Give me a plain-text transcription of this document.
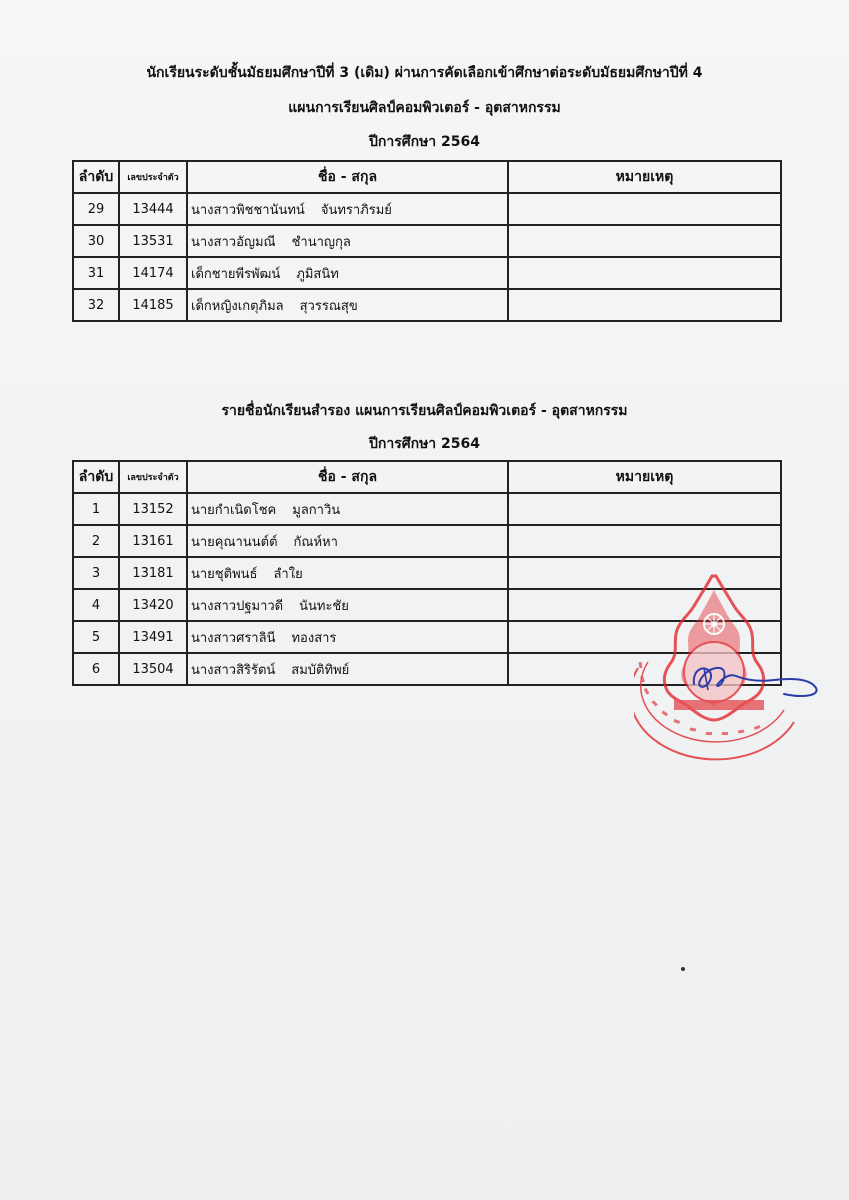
นักเรียนระดับชั้นมัธยมศึกษาปีที่ 3 (เดิม) ผ่านการคัดเลือกเข้าศึกษาต่อระดับมัธยมศึกษาปีที่ 4
แผนการเรียนศิลป์คอมพิวเตอร์ - อุตสาหกรรม
ปีการศึกษา 2564
ลำดับ	เลขประจำตัว	ชื่อ - สกุล	หมายเหตุ
29	13444	นางสาวพิชชานันทน์ จันทราภิรมย์	
30	13531	นางสาวอัญมณี ชำนาญกุล	
31	14174	เด็กชายพีรพัฒน์ ภูมิสนิท	
32	14185	เด็กหญิงเกตุภิมล สุวรรณสุข	
รายชื่อนักเรียนสำรอง แผนการเรียนศิลป์คอมพิวเตอร์ - อุตสาหกรรม
ปีการศึกษา 2564
ลำดับ	เลขประจำตัว	ชื่อ - สกุล	หมายเหตุ
1	13152	นายกำเนิดโชค มูลกาวิน	
2	13161	นายคุณานนต์ต์ กัณห์หา	
3	13181	นายชุติพนธ์ ลำใย	
4	13420	นางสาวปฐมาวดี นันทะชัย	
5	13491	นางสาวศราลินี ทองสาร	
6	13504	นางสาวสิริรัตน์ สมบัติทิพย์	
